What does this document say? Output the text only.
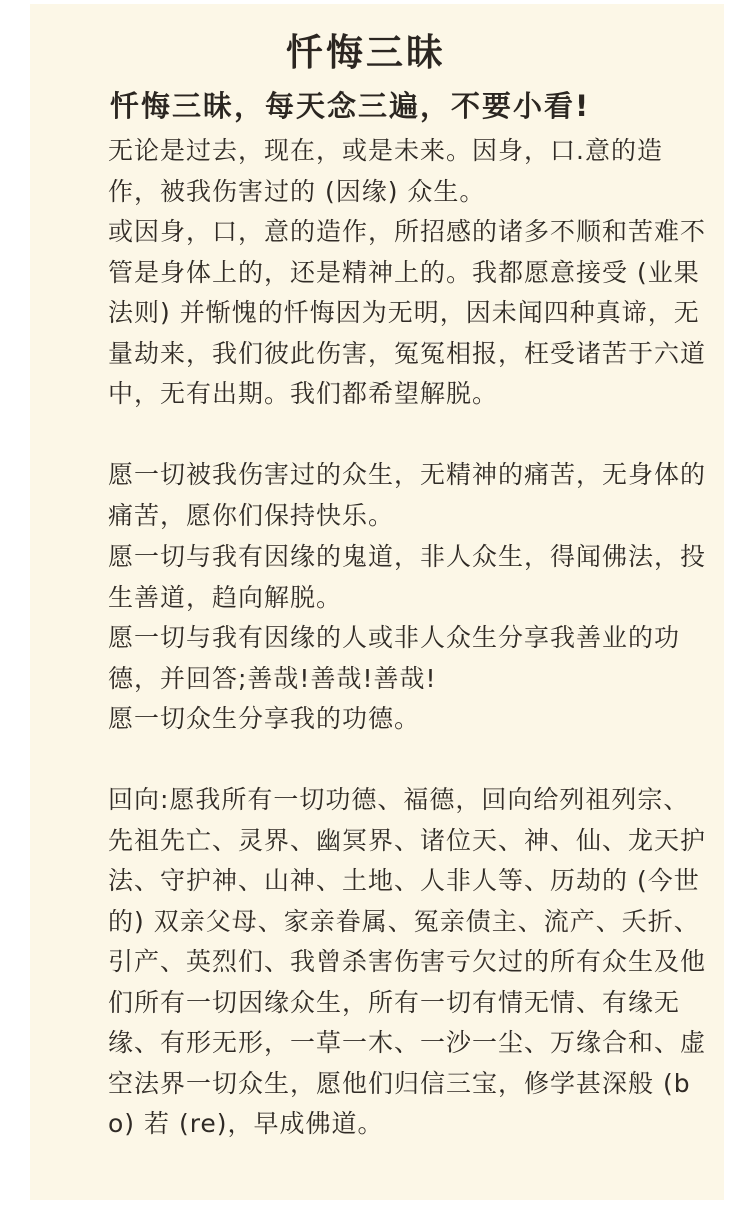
忏悔三昧
忏悔三昧，每天念三遍，不要小看!
无论是过去，现在，或是未来。因身，口.意的造作，被我伤害过的 (因缘) 众生。
或因身，口，意的造作，所招感的诸多不顺和苦难不管是身体上的，还是精神上的。我都愿意接受 (业果法则) 并惭愧的忏悔因为无明，因未闻四种真谛，无量劫来，我们彼此伤害，冤冤相报，枉受诸苦于六道中，无有出期。我们都希望解脱。
愿一切被我伤害过的众生，无精神的痛苦，无身体的痛苦，愿你们保持快乐。
愿一切与我有因缘的鬼道，非人众生，得闻佛法，投生善道，趋向解脱。
愿一切与我有因缘的人或非人众生分享我善业的功德，并回答;善哉!善哉!善哉!
愿一切众生分享我的功德。
回向:愿我所有一切功德、福德，回向给列祖列宗、先祖先亡、灵界、幽冥界、诸位天、神、仙、龙天护法、守护神、山神、土地、人非人等、历劫的 (今世的) 双亲父母、家亲眷属、冤亲债主、流产、夭折、引产、英烈们、我曾杀害伤害亏欠过的所有众生及他们所有一切因缘众生，所有一切有情无情、有缘无缘、有形无形，一草一木、一沙一尘、万缘合和、虚空法界一切众生，愿他们归信三宝，修学甚深般 (bo) 若 (re)，早成佛道。
